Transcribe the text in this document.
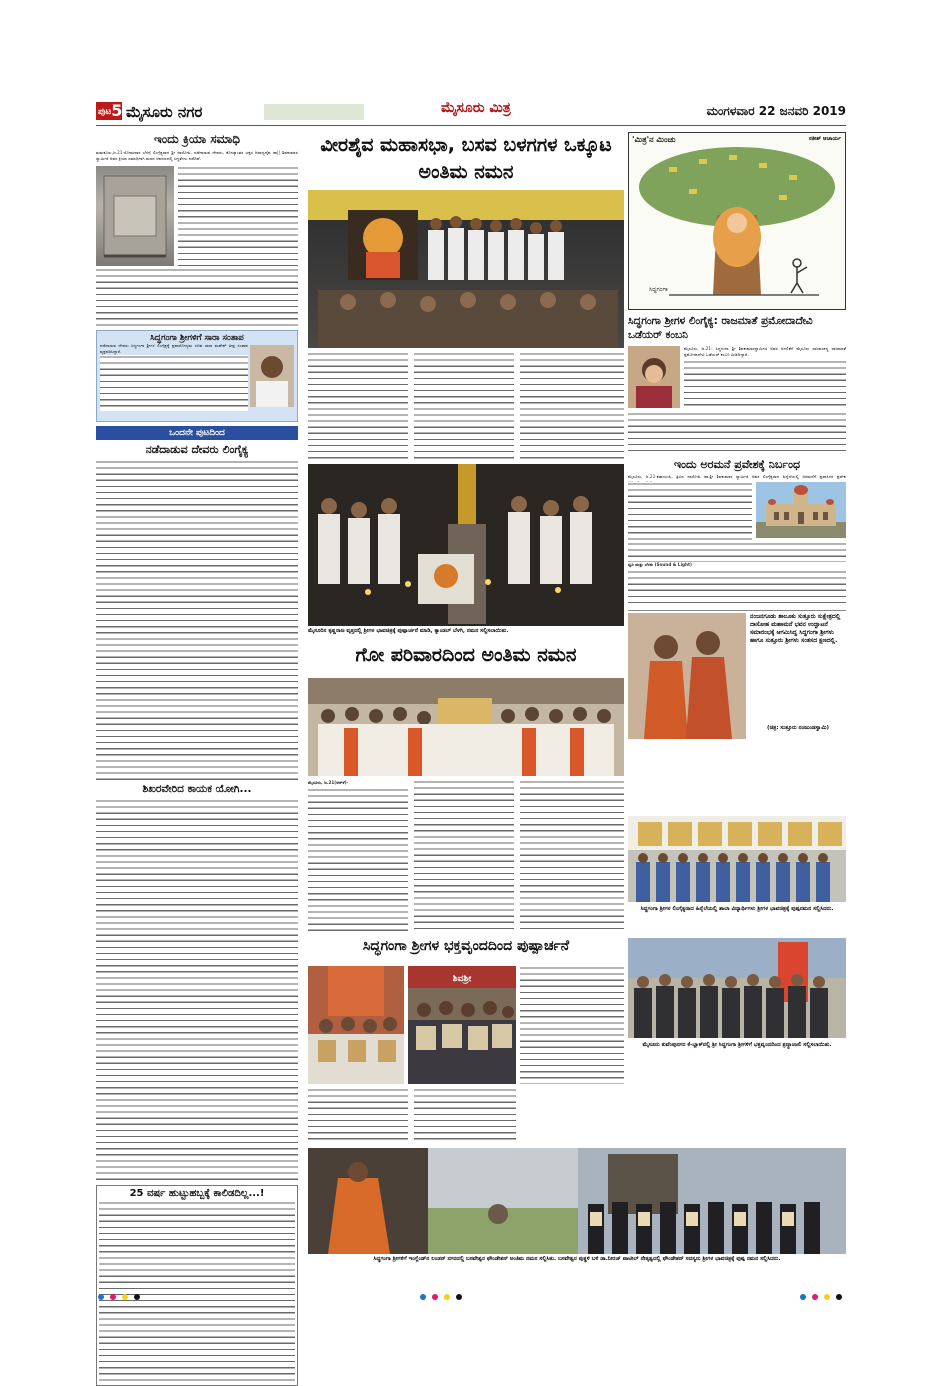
ಪುಟ5 ಮೈಸೂರು ನಗರ	ಮೈಸೂರು ಮಿತ್ರ	ಮಂಗಳವಾರ 22 ಜನವರಿ 2019
ಇಂದು ಕ್ರಿಯಾ ಸಮಾಧಿ
ತುಮಕೂರು,ಜ.21-ಸೋಮವಾರ ಬೆಳಿಗ್ಗೆ ಲಿಂಗೈಕ್ಯರಾದ ಶ್ರೀ ದಾಸೋಹಿ, ನಡೆದಾಡುವ ದೇವರು, ಕೋಟ್ಯಾಂತರ ಭಕ್ತರ ಆರಾಧ್ಯದೈವ ಡಾ|| ಶಿವಕುಮಾರ ಸ್ವಾಮೀಜಿ ಅವರ ಕ್ರಿಯಾ ಸಮಾಧಿಗಾಗಿ ಮಠದ ಆವರಣದಲ್ಲಿ ಸಿದ್ಧತೆಗಳು ನಡೆದಿವೆ.
ಸಿದ್ಧಗಂಗಾ ಶ್ರೀಗಳಿಗೆ ಸಾರಾ ಸಂತಾಪ
ನಡೆದಾಡುವ ದೇವರು ಸಿದ್ಧಗಂಗಾ ಶ್ರೀಗಳ ಲಿಂಗೈಕ್ಯಕ್ಕೆ ಪ್ರವಾಸೋದ್ಯಮ ಸಚಿವ ಸಾರಾ ಮಹೇಶ್ ತೀವ್ರ ಸಂತಾಪ ವ್ಯಕ್ತಪಡಿಸಿದ್ದಾರೆ.
ಒಂದನೇ ಪುಟದಿಂದ
ನಡೆದಾಡುವ ದೇವರು ಲಿಂಗೈಕ್ಯ
ಶಿಖರವೇರಿದ ಕಾಯಕ ಯೋಗಿ...
25 ವರ್ಷ ಹುಟ್ಟುಹಬ್ಬಕ್ಕೆ ಕಾಲಿಡದಿಲ್ಲ...!
ವೀರಶೈವ ಮಹಾಸಭಾ, ಬಸವ ಬಳಗಗಳ ಒಕ್ಕೂಟ ಅಂತಿಮ ನಮನ
ಮೈಸೂರಿನ ಕೃಷ್ಣರಾಜ ವೃತ್ತದಲ್ಲಿ ಶ್ರೀಗಳ ಭಾವಚಿತ್ರಕ್ಕೆ ಪುಷ್ಪಾರ್ಚನೆ ಮಾಡಿ, ಕ್ಯಾಂಡಲ್ ಬೆಳಗಿ, ನಮನ ಸಲ್ಲಿಸಲಾಯಿತು.
ಗೋ ಪರಿವಾರದಿಂದ ಅಂತಿಮ ನಮನ
ಮೈಸೂರು, ಜ.21(ಆರ್‌ಕೆ)-
ಸಿದ್ಧಗಂಗಾ ಶ್ರೀಗಳ ಭಕ್ತವೃಂದದಿಂದ ಪುಷ್ಪಾರ್ಚನೆ
ಶಿವಶ್ರೀ
'ಮಿತ್ರ'ನ ಮಿಂಚು	ಸತೀಶ್ ಆಚಾರ್ಯ
ಸಿದ್ಧಗಂಗಾ
ಸಿದ್ಧಗಂಗಾ ಶ್ರೀಗಳ ಲಿಂಗೈಕ್ಯ: ರಾಜಮಾತೆ ಪ್ರಮೋದಾದೇವಿ ಒಡೆಯರ್ ಕಂಬನಿ
ಮೈಸೂರು, ಜ.21- ಸಿದ್ಧಗಂಗಾ ಶ್ರೀ ಶಿವಕುಮಾರಸ್ವಾಮೀಜಿ ಅವರ ಅಗಲಿಕೆಗೆ ಮೈಸೂರು ರಾಜವಂಶಸ್ಥ ರಾಜಮಾತೆ ಪ್ರಮೋದಾದೇವಿ ಒಡೆಯರ್ ಕಂಬನಿ ಮಿಡಿದಿದ್ದಾರೆ.
ಇಂದು ಅರಮನೆ ಪ್ರವೇಶಕ್ಕೆ ನಿರ್ಬಂಧ
ಮೈಸೂರು, ಜ.21-ಶತಾಯುಷಿ, ತ್ರಿವಿಧ ದಾಸೋಹಿ ಡಾ.ಶ್ರೀ ಶಿವಕುಮಾರ ಸ್ವಾಮೀಜಿ ಅವರ ಲಿಂಗೈಕ್ಯರಾದ ಹಿನ್ನೆಲೆಯಲ್ಲಿ ಅರಮನೆಗೆ ಪ್ರವಾಸಿಗರ ಪ್ರವೇಶ
ಧ್ವನಿ ಮತ್ತು ಬೆಳಕು (Sound & Light)
ನಂಜನಗೂಡು ತಾಲೂಕು ಸುತ್ತೂರು ಸುಕ್ಷೇತ್ರದಲ್ಲಿ ದಾಸೋಹ ಮಹಾಮನೆ ಭವನ ಉದ್ಘಾಟನೆ ಸಮಾರಂಭಕ್ಕೆ ಆಗಮಿಸಿದ್ದ ಸಿದ್ಧಗಂಗಾ ಶ್ರೀಗಳು ಹಾಗೂ ಸುತ್ತೂರು ಶ್ರೀಗಳು ಸಂತಸದ ಕ್ಷಣದಲ್ಲಿ.
(ಚಿತ್ರ: ಸುತ್ತೂರು ನಂಜುಂಡಸ್ವಾಮಿ)
ಸಿದ್ಧಗಂಗಾ ಶ್ರೀಗಳ ಲಿಂಗೈಕ್ಯರಾದ ಹಿನ್ನೆಲೆಯಲ್ಲಿ ಶಾಲಾ ವಿದ್ಯಾರ್ಥಿಗಳು ಶ್ರೀಗಳ ಭಾವಚಿತ್ರಕ್ಕೆ ಪುಷ್ಪನಮನ ಸಲ್ಲಿಸಿದರು.
ಮೈಸೂರು ಕುವೆಂಪುನಗರ ಕೆ-ಬ್ಲಾಕ್‌ನಲ್ಲಿ ಶ್ರೀ ಸಿದ್ಧಗಂಗಾ ಶ್ರೀಗಳಿಗೆ ಭಕ್ತವೃಂದದಿಂದ ಶ್ರದ್ಧಾಂಜಲಿ ಸಲ್ಲಿಸಲಾಯಿತು.
ಸಿದ್ಧಗಂಗಾ ಶ್ರೀಗಳಿಗೆ ಇಂಗ್ಲೆಂಡ್‌ನ ಲಂಡನ್ ನಗರದಲ್ಲಿ ಬಸವೇಶ್ವರ ಫೌಂಡೇಶನ್ ಅಂತಿಮ ನಮನ ಸಲ್ಲಿಸಿತು. ಬಸವೇಶ್ವರ ಪುತ್ಥಳಿ ಬಳಿ ಡಾ.ನೀರಜ್ ಪಾಟೀಲ್ ನೇತೃತ್ವದಲ್ಲಿ ಫೌಂಡೇಶನ್ ಸದಸ್ಯರು ಶ್ರೀಗಳ ಭಾವಚಿತ್ರಕ್ಕೆ ಪುಷ್ಪ ನಮನ ಸಲ್ಲಿಸಿದರು.
